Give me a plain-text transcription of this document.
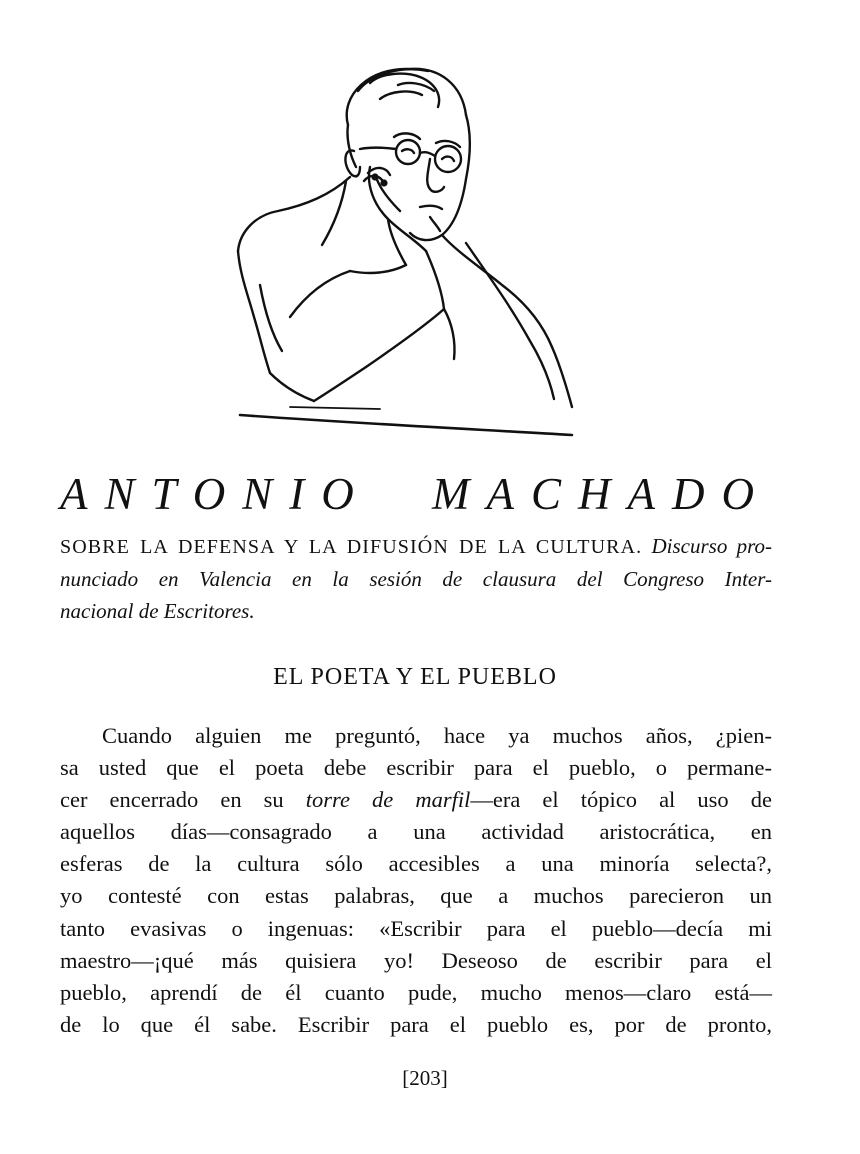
ANTONIO MACHADO
SOBRE LA DEFENSA Y LA DIFUSIÓN DE LA CULTURA. Discurso pro-
nunciado en Valencia en la sesión de clausura del Congreso Inter-
nacional de Escritores.
EL POETA Y EL PUEBLO
Cuando alguien me preguntó, hace ya muchos años, ¿pien-
sa usted que el poeta debe escribir para el pueblo, o permane-
cer encerrado en su torre de marfil—era el tópico al uso de
aquellos días—consagrado a una actividad aristocrática, en
esferas de la cultura sólo accesibles a una minoría selecta?,
yo contesté con estas palabras, que a muchos parecieron un
tanto evasivas o ingenuas: «Escribir para el pueblo—decía mi
maestro—¡qué más quisiera yo! Deseoso de escribir para el
pueblo, aprendí de él cuanto pude, mucho menos—claro está—
de lo que él sabe. Escribir para el pueblo es, por de pronto,
[203]
